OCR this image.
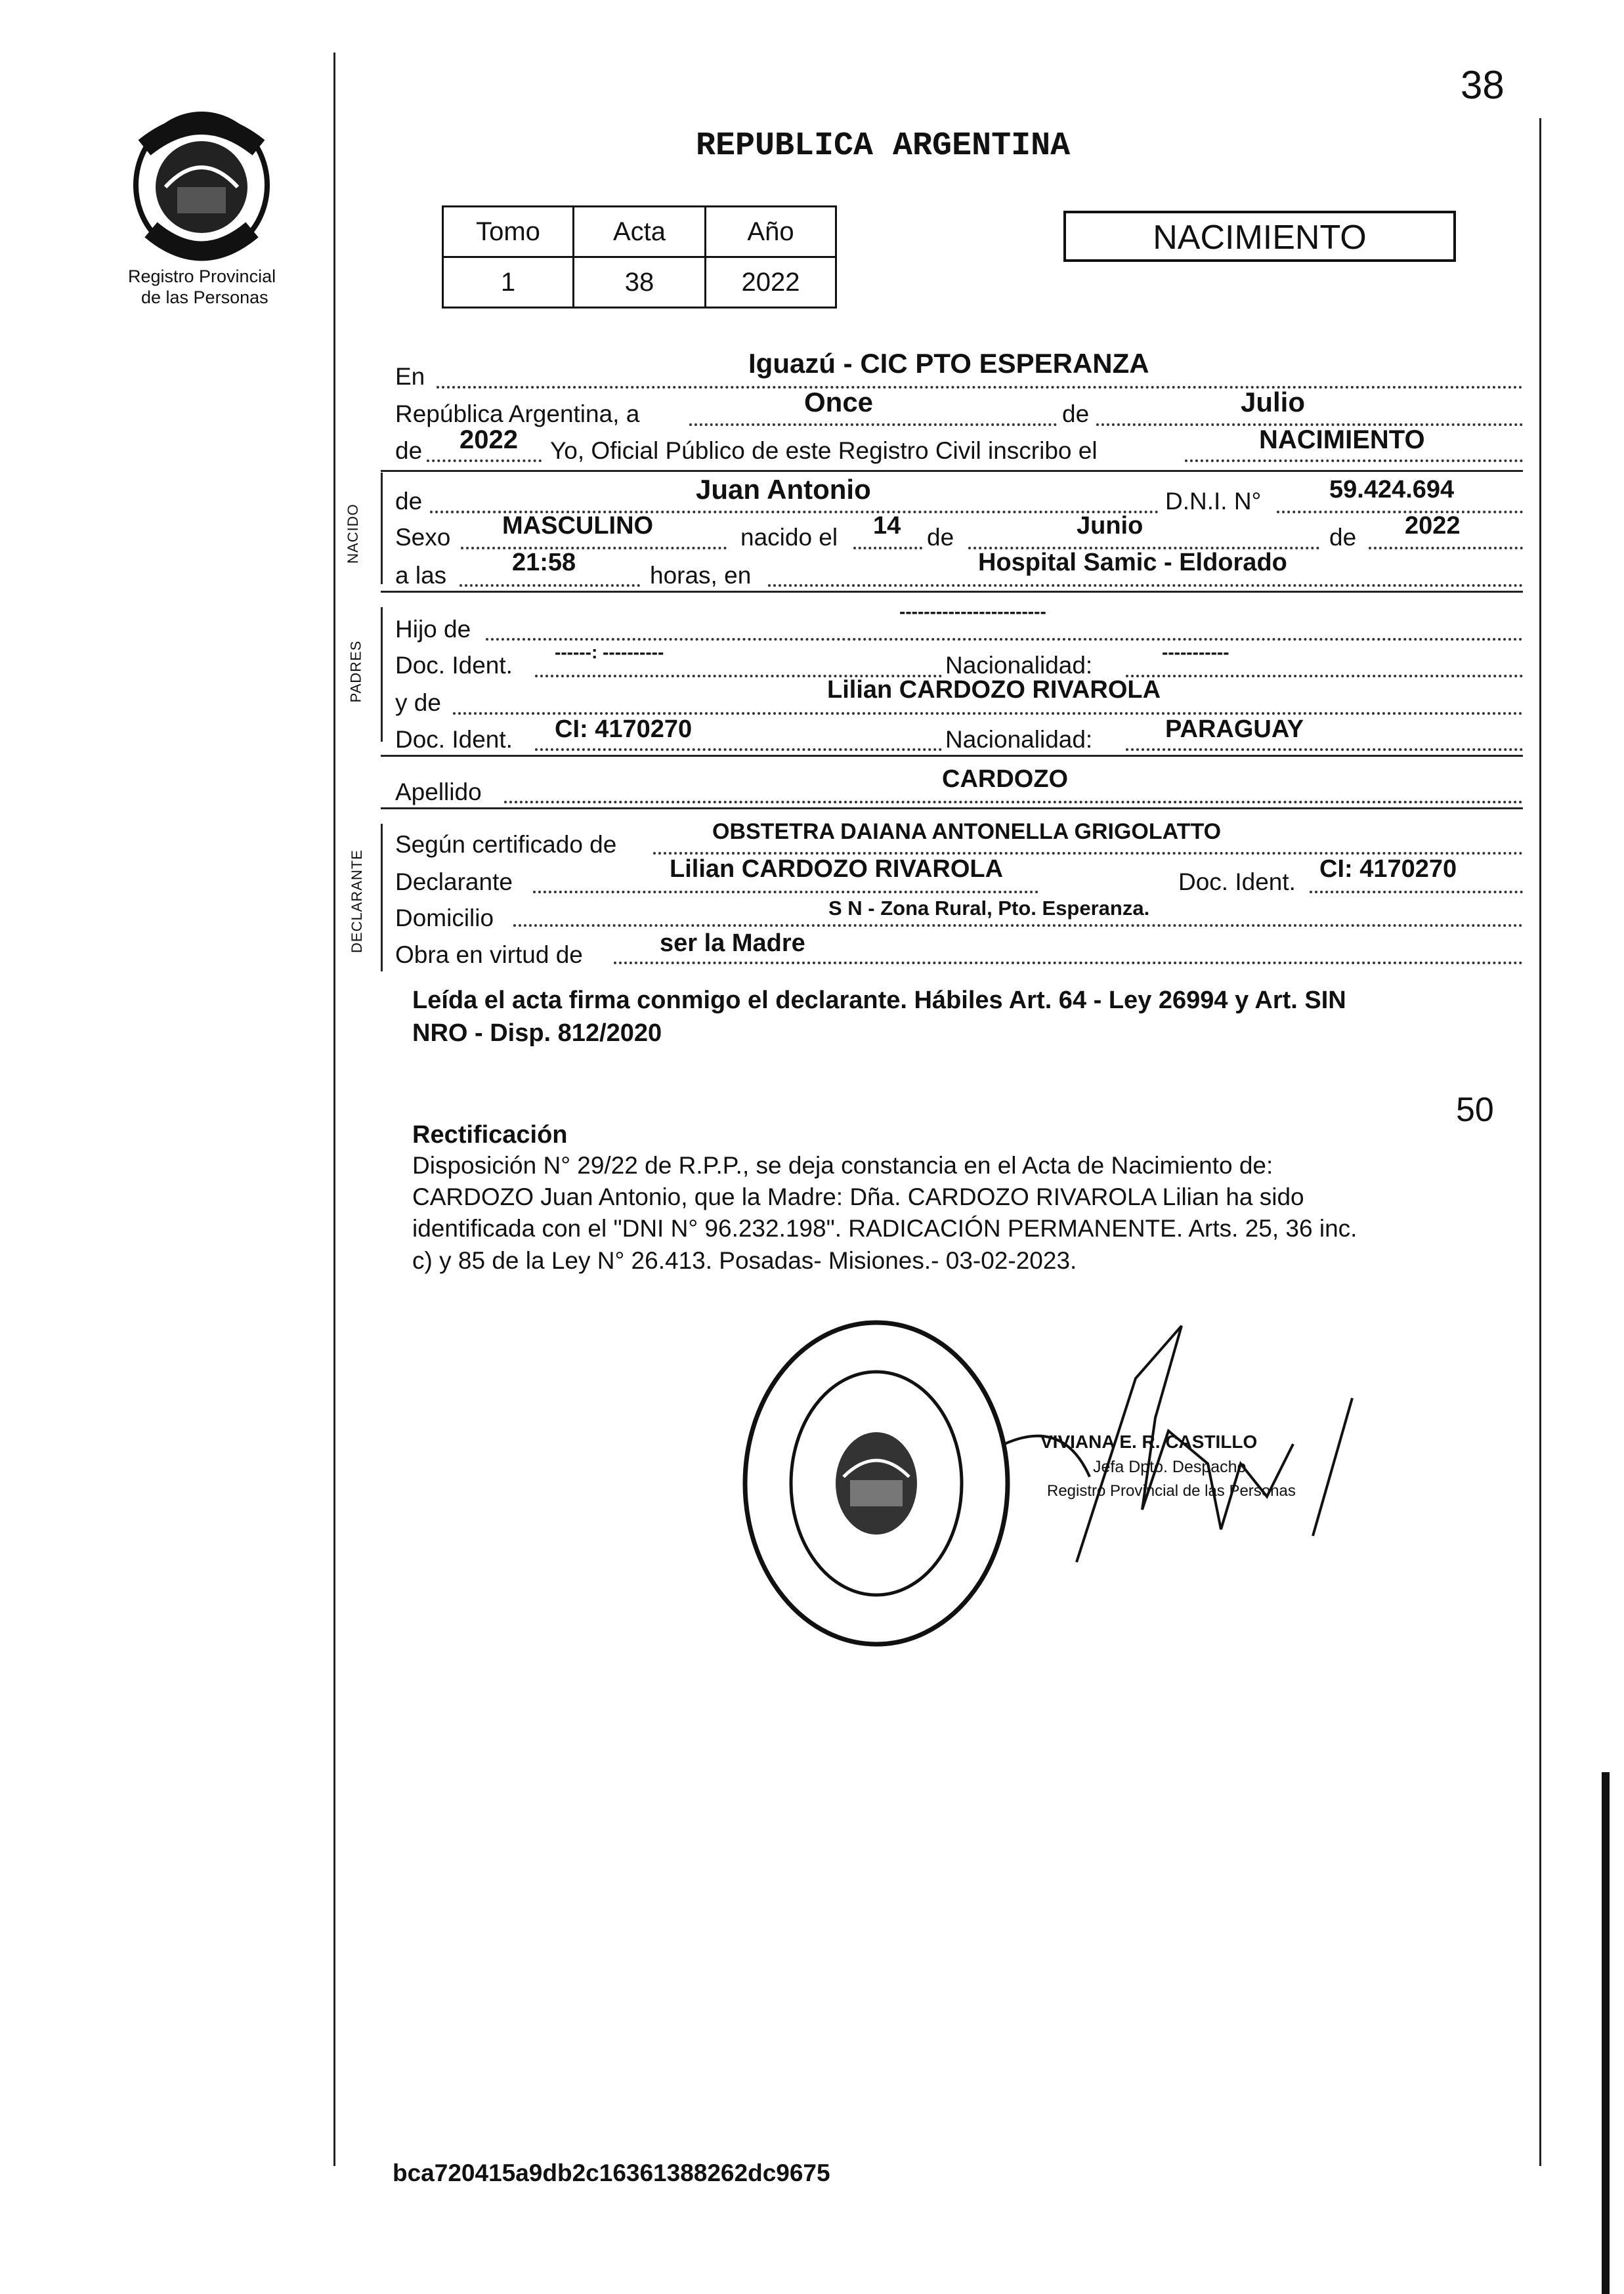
38
Registro Provincial
de las Personas
REPUBLICA ARGENTINA
Tomo	Acta	Año
1	38	2022
NACIMIENTO
En	Iguazú - CIC PTO ESPERANZA
República Argentina, a	Once	de	Julio
de 2022 Yo, Oficial Público de este Registro Civil inscribo el	NACIMIENTO
NACIDO
de	Juan Antonio	D.N.I. N°	59.424.694
Sexo MASCULINO	nacido el 14 de	Junio	de 2022
a las	21:58	horas, en	Hospital Samic - Eldorado
PADRES
Hijo de
------------------------
Doc. Ident. ------: ----------	Nacionalidad:	-----------
y de	Lilian CARDOZO RIVAROLA
Doc. Ident. CI: 4170270	Nacionalidad:	PARAGUAY
Apellido	CARDOZO
DECLARANTE
Según certificado de	OBSTETRA DAIANA ANTONELLA GRIGOLATTO
Declarante	Lilian CARDOZO RIVAROLA	Doc. Ident. CI: 4170270
Domicilio	S N - Zona Rural, Pto. Esperanza.
Obra en virtud de	ser la Madre
Leída el acta firma conmigo el declarante. Hábiles Art. 64 - Ley 26994 y Art. SIN
NRO - Disp. 812/2020
50
Rectificación
Disposición N° 29/22 de R.P.P., se deja constancia en el Acta de Nacimiento de:
CARDOZO Juan Antonio, que la Madre: Dña. CARDOZO RIVAROLA Lilian ha sido
identificada con el "DNI N° 96.232.198". RADICACIÓN PERMANENTE. Arts. 25, 36 inc.
c) y 85 de la Ley N° 26.413. Posadas- Misiones.- 03-02-2023.
VIVIANA E. R. CASTILLO
Jefa Dpto. Despacho
Registro Provincial de las Personas
bca720415a9db2c16361388262dc9675
